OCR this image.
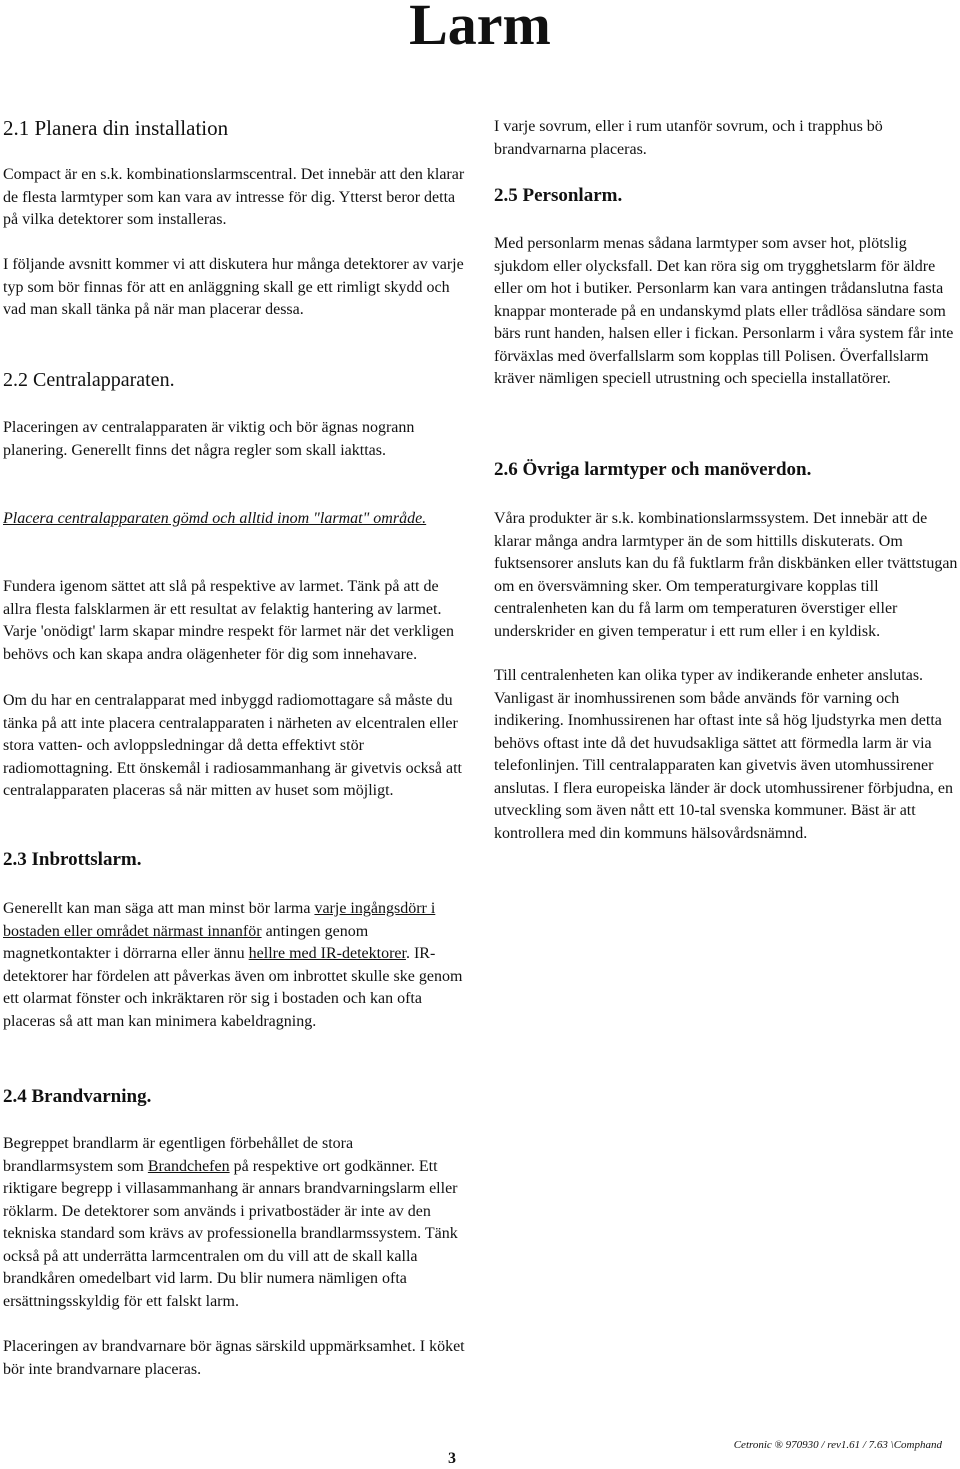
Larm
2.1 Planera din installation

Compact är en s.k. kombinationslarmscentral. Det innebär att den klarar de flesta larmtyper som kan vara av intresse för dig. Ytterst beror detta på vilka detektorer som installeras.

I följande avsnitt kommer vi att diskutera hur många detektorer av varje typ som bör finnas för att en anläggning skall ge ett rimligt skydd och vad man skall tänka på när man placerar dessa.

2.2 Centralapparaten.

Placeringen av centralapparaten är viktig och bör ägnas nogrann planering. Generellt finns det några regler som skall iakttas.

Placera centralapparaten gömd och alltid inom "larmat" område.

Fundera igenom sättet att slå på respektive av larmet. Tänk på att de allra flesta falsklarmen är ett resultat av felaktig hantering av larmet. Varje 'onödigt' larm skapar mindre respekt för larmet när det verkligen behövs och kan skapa andra olägenheter för dig som innehavare.

Om du har en centralapparat med inbyggd radiomottagare så måste du tänka på att inte placera centralapparaten i närheten av elcentralen eller stora vatten- och avloppsledningar då detta effektivt stör radiomottagning. Ett önskemål i radiosammanhang är givetvis också att centralapparaten placeras så när mitten av huset som möjligt.

2.3 Inbrottslarm.

Generellt kan man säga att man minst bör larma varje ingångsdörr i bostaden eller området närmast innanför antingen genom magnetkontakter i dörrarna eller ännu hellre med IR-detektorer. IR-detektorer har fördelen att påverkas även om inbrottet skulle ske genom ett olarmat fönster och inkräktaren rör sig i bostaden och kan ofta placeras så att man kan minimera kabeldragning.

2.4 Brandvarning.

Begreppet brandlarm är egentligen förbehållet de stora brandlarmsystem som Brandchefen på respektive ort godkänner. Ett riktigare begrepp i villasammanhang är annars brandvarningslarm eller röklarm. De detektorer som används i privatbostäder är inte av den tekniska standard som krävs av professionella brandlarmssystem. Tänk också på att underrätta larmcentralen om du vill att de skall kalla brandkåren omedelbart vid larm. Du blir numera nämligen ofta ersättningsskyldig för ett falskt larm.

Placeringen av brandvarnare bör ägnas särskild uppmärksamhet. I köket bör inte brandvarnare placeras.

I varje sovrum, eller i rum utanför sovrum, och i trapphus bö brandvarnarna placeras.

2.5 Personlarm.

Med personlarm menas sådana larmtyper som avser hot, plötslig sjukdom eller olycksfall. Det kan röra sig om trygghetslarm för äldre eller om hot i butiker. Personlarm kan vara antingen trådanslutna fasta knappar monterade på en undanskymd plats eller trådlösa sändare som bärs runt handen, halsen eller i fickan. Personlarm i våra system får inte förväxlas med överfallslarm som kopplas till Polisen. Överfallslarm kräver nämligen speciell utrustning och speciella installatörer.

2.6 Övriga larmtyper och manöverdon.

Våra produkter är s.k. kombinationslarmssystem. Det innebär att de klarar många andra larmtyper än de som hittills diskuterats. Om fuktsensorer ansluts kan du få fuktlarm från diskbänken eller tvättstugan om en översvämning sker. Om temperaturgivare kopplas till centralenheten kan du få larm om temperaturen överstiger eller underskrider en given temperatur i ett rum eller i en kyldisk.

Till centralenheten kan olika typer av indikerande enheter anslutas. Vanligast är inomhussirenen som både används för varning och indikering. Inomhussirenen har oftast inte så hög ljudstyrka men detta behövs oftast inte då det huvudsakliga sättet att förmedla larm är via telefonlinjen. Till centralapparaten kan givetvis även utomhussirener anslutas. I flera europeiska länder är dock utomhussirener förbjudna, en utveckling som även nått ett 10-tal svenska kommuner. Bäst är att kontrollera med din kommuns hälsovårdsnämnd.

3
Cetronic ® 970930 / rev1.61 / 7.63 \Comphand
